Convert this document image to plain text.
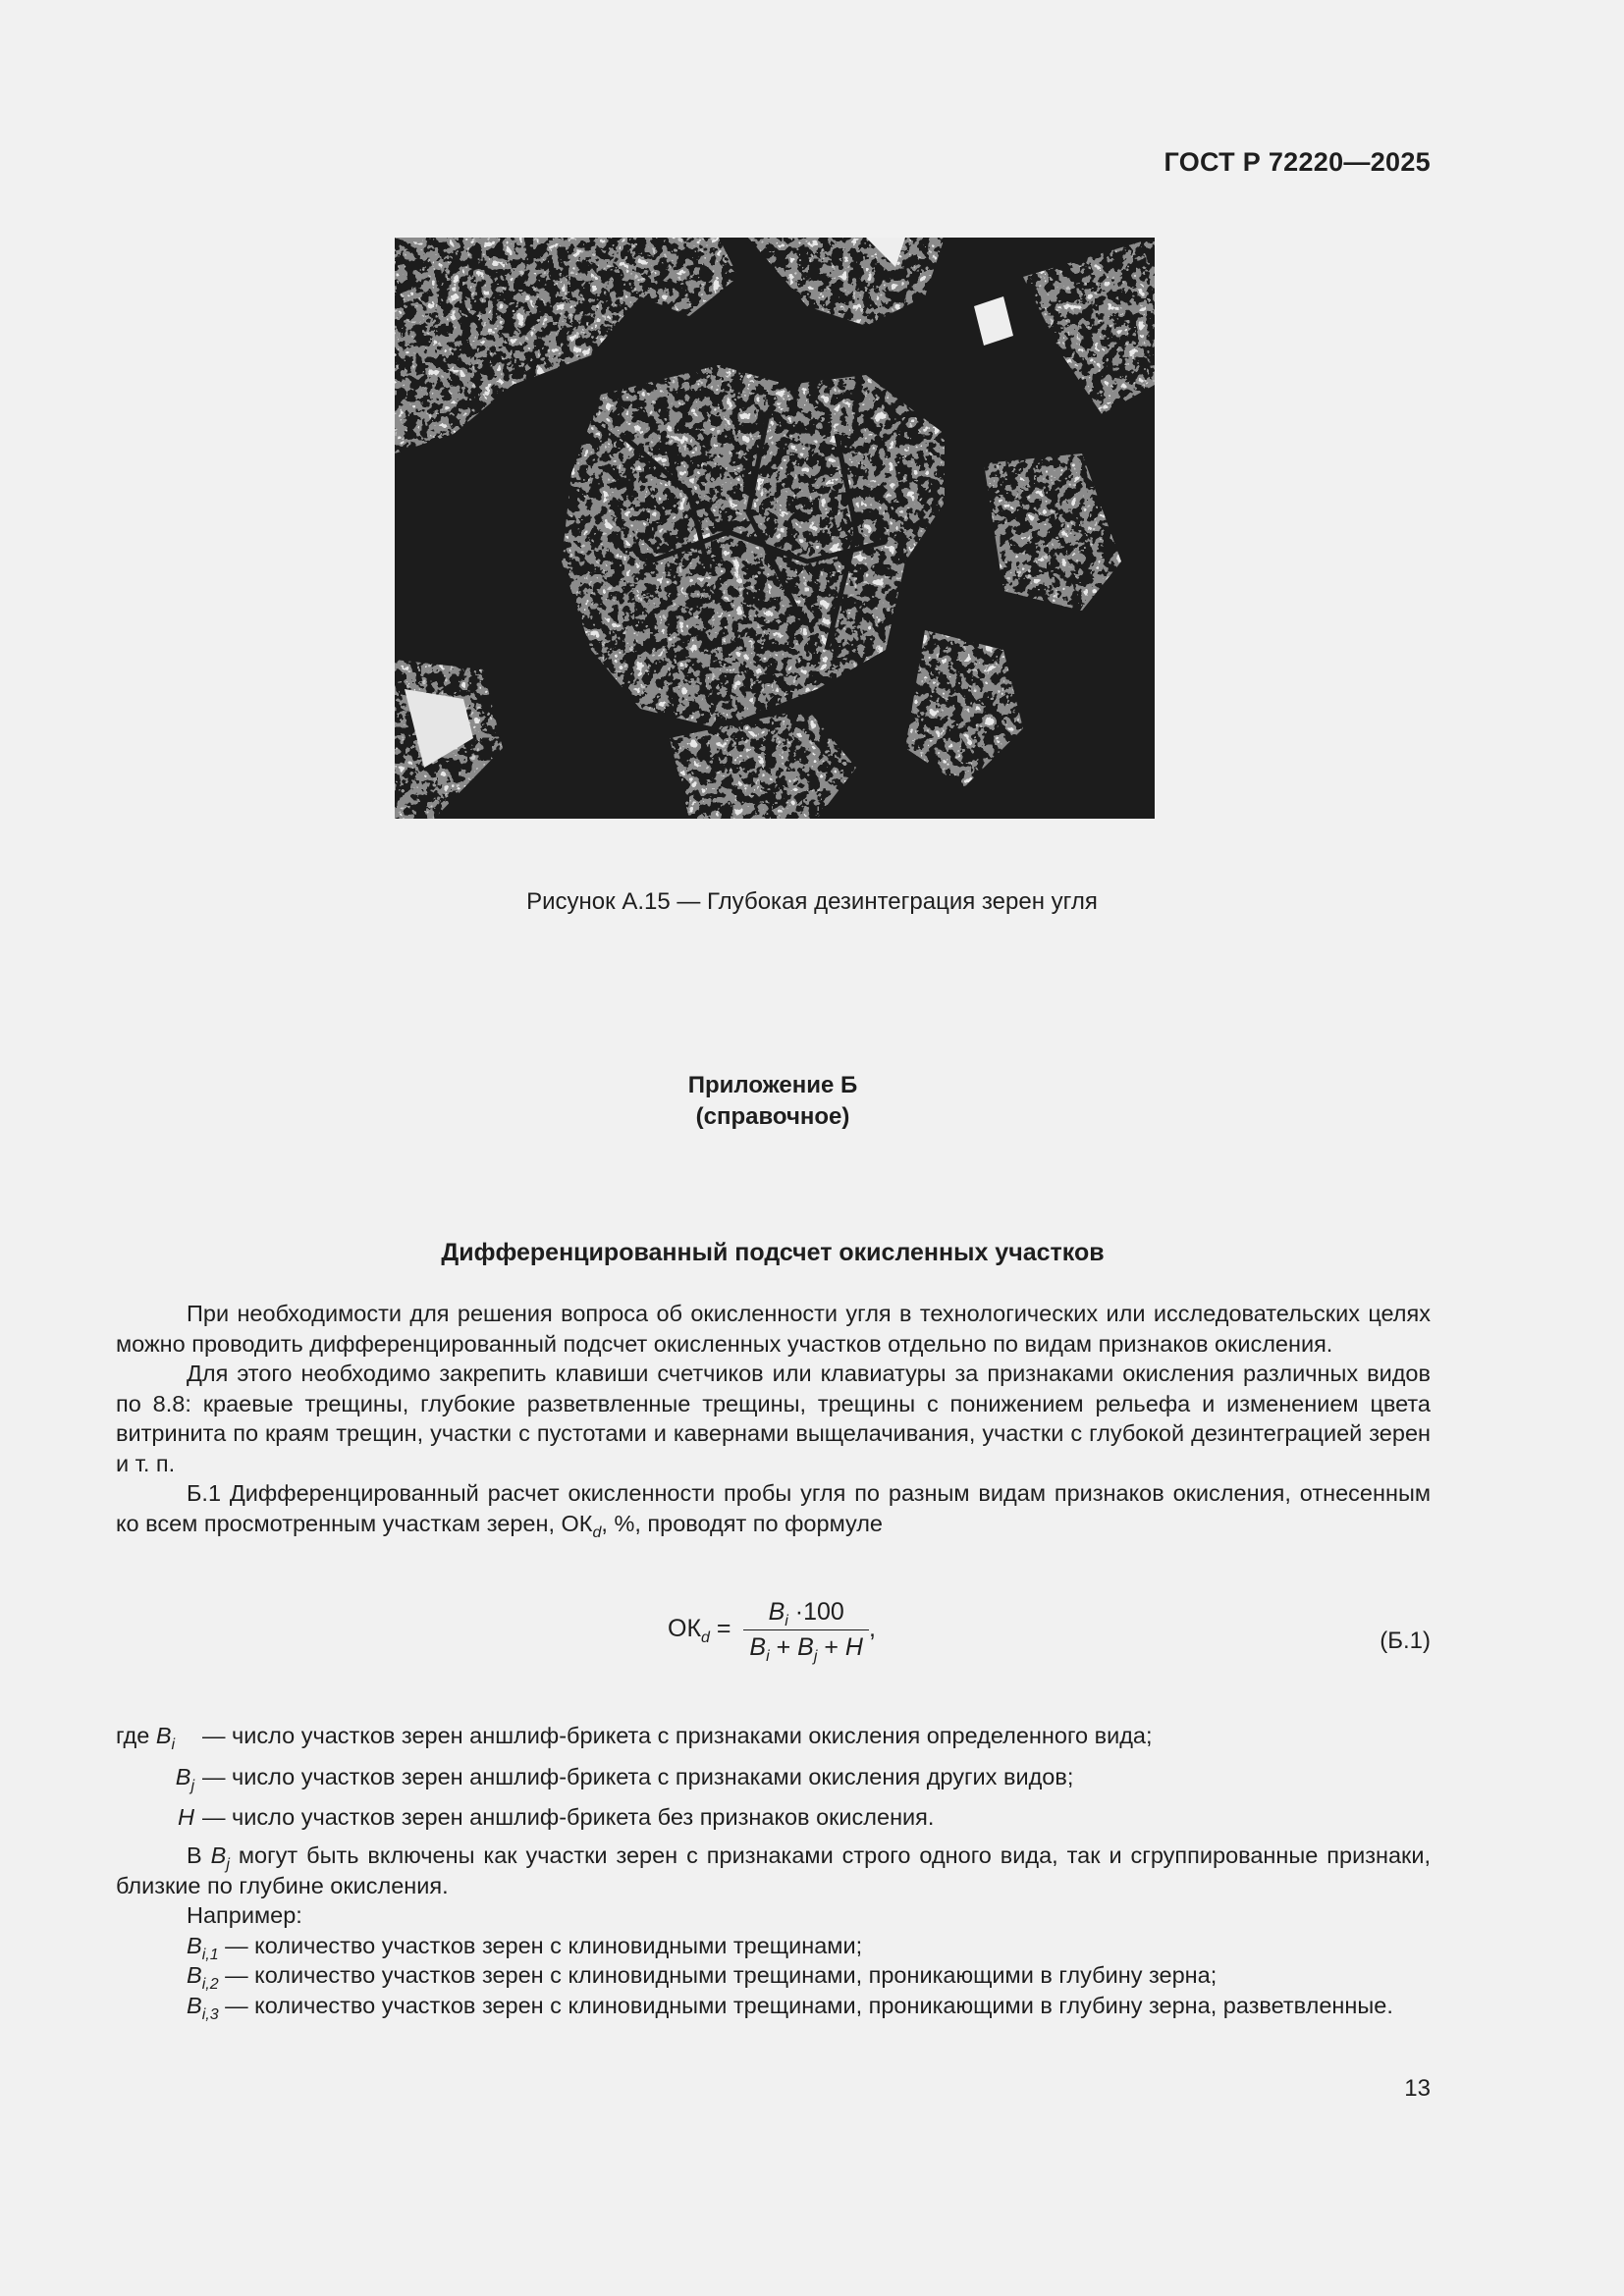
ГОСТ Р 72220—2025
Рисунок А.15 — Глубокая дезинтеграция зерен угля
Приложение Б
(справочное)
Дифференцированный подсчет окисленных участков

При необходимости для решения вопроса об окисленности угля в технологических или исследовательских целях можно проводить дифференцированный подсчет окисленных участков отдельно по видам признаков окисления.

Для этого необходимо закрепить клавиши счетчиков или клавиатуры за признаками окисления различных видов по 8.8: краевые трещины, глубокие разветвленные трещины, трещины с понижением рельефа и изменением цвета витринита по краям трещин, участки с пустотами и кавернами выщелачивания, участки с глубокой дезинтеграцией зерен и т. п.

Б.1 Дифференцированный расчет окисленности пробы угля по разным видам признаков окисления, отнесенным ко всем просмотренным участкам зерен, $ОК_d$, %, проводят по формуле

$ОК_d = \frac{B_i \cdot 100}{B_i + B_j + H}$ ,	(Б.1)
где $B_i$	— число участков зерен аншлиф-брикета с признаками окисления определенного вида;
$B_j$ — число участков зерен аншлиф-брикета с признаками окисления других видов;
H — число участков зерен аншлиф-брикета без признаков окисления.

В $B_j$ могут быть включены как участки зерен с признаками строго одного вида, так и сгруппированные признаки, близкие по глубине окисления.

Например:

$B_{i,1}$ — количество участков зерен с клиновидными трещинами;

$B_{i,2}$ — количество участков зерен с клиновидными трещинами, проникающими в глубину зерна;

$B_{i,3}$ — количество участков зерен с клиновидными трещинами, проникающими в глубину зерна, разветвленные.

13
